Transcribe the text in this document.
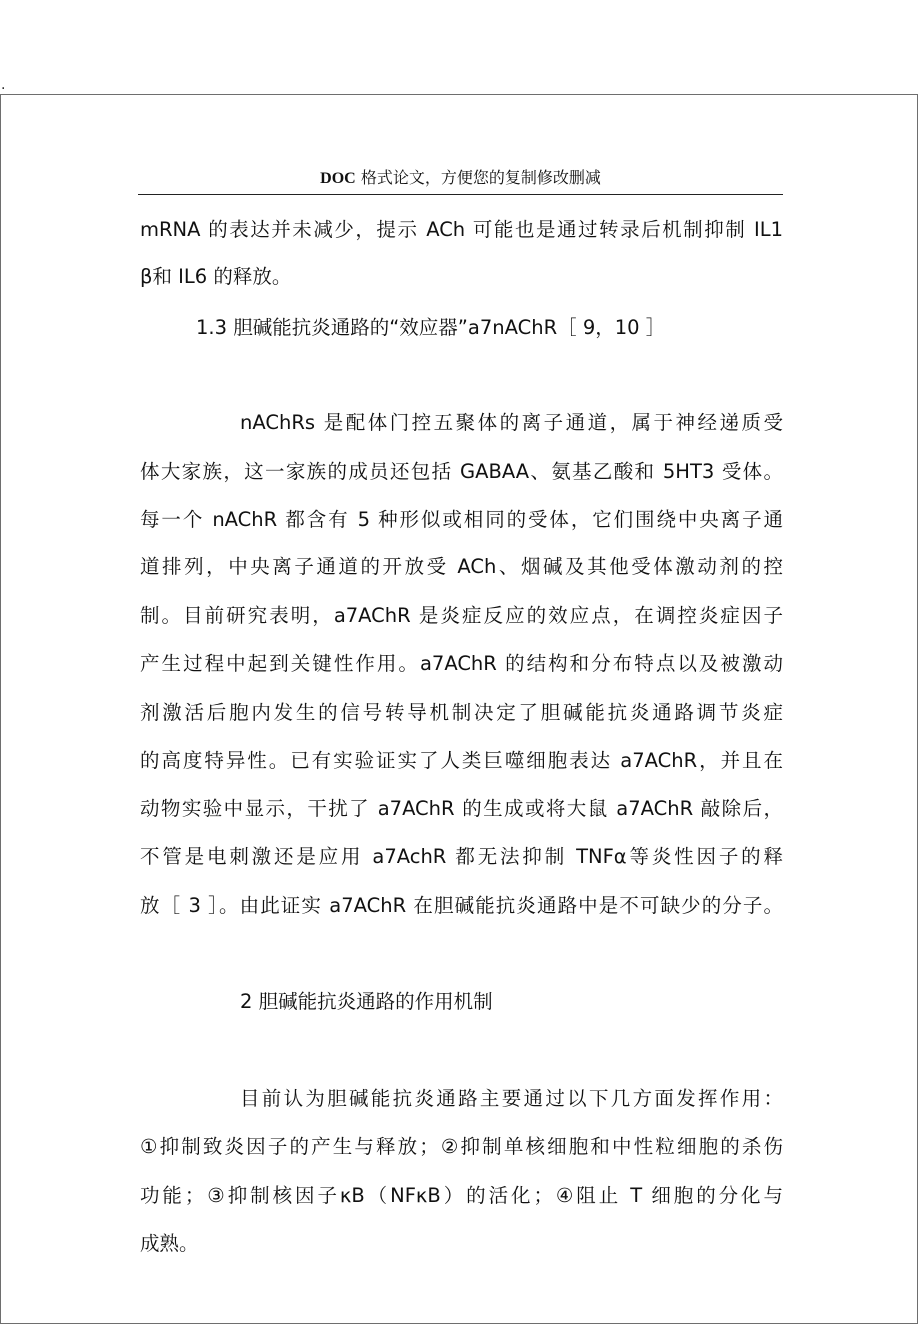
.
DOC 格式论文，方便您的复制修改删减
mRNA 的表达并未减少，提示 ACh 可能也是通过转录后机制抑制 IL1
β和 IL6 的释放。
1.3 胆碱能抗炎通路的“效应器”a7nAChR［ 9，10 ］
nAChRs 是配体门控五聚体的离子通道，属于神经递质受
体大家族，这一家族的成员还包括 GABAA、氨基乙酸和 5HT3 受体。
每一个 nAChR 都含有 5 种形似或相同的受体，它们围绕中央离子通
道排列，中央离子通道的开放受 ACh、烟碱及其他受体激动剂的控
制。目前研究表明，a7AChR 是炎症反应的效应点，在调控炎症因子
产生过程中起到关键性作用。a7AChR 的结构和分布特点以及被激动
剂激活后胞内发生的信号转导机制决定了胆碱能抗炎通路调节炎症
的高度特异性。已有实验证实了人类巨噬细胞表达 a7AChR，并且在
动物实验中显示，干扰了 a7AChR 的生成或将大鼠 a7AChR 敲除后，
不管是电刺激还是应用 a7AchR 都无法抑制 TNFα等炎性因子的释
放［ 3 ］。由此证实 a7AChR 在胆碱能抗炎通路中是不可缺少的分子。
2 胆碱能抗炎通路的作用机制
目前认为胆碱能抗炎通路主要通过以下几方面发挥作用：
①抑制致炎因子的产生与释放；②抑制单核细胞和中性粒细胞的杀伤
功能；③抑制核因子κB（NFκB）的活化；④阻止 T 细胞的分化与
成熟。
